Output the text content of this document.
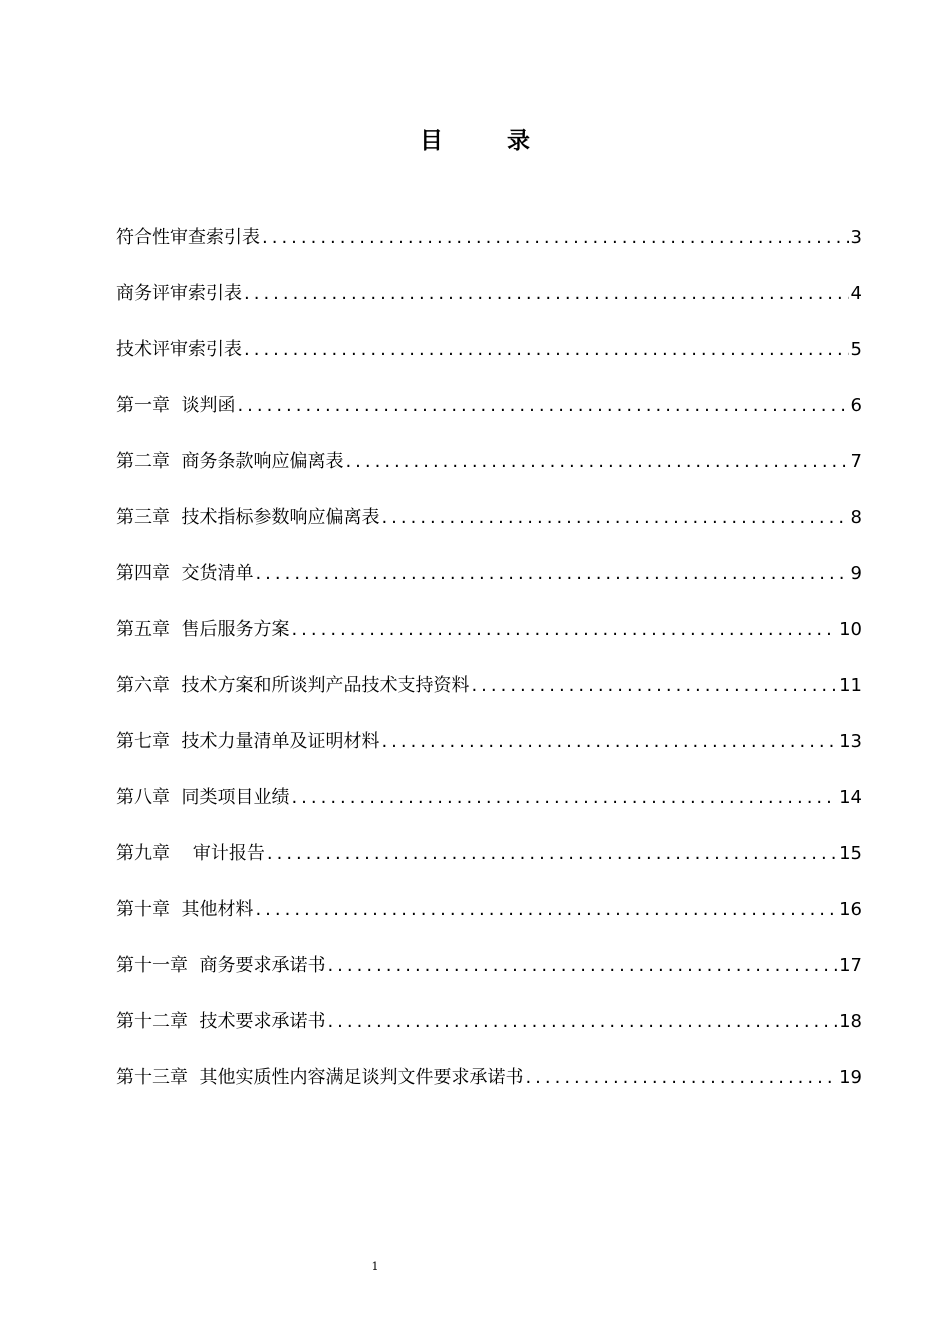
目 录
符合性审查索引表 .....	3
商务评审索引表 .....	4
技术评审索引表 .....	5
第一章  谈判函 .....	6
第二章  商务条款响应偏离表 .....	7
第三章  技术指标参数响应偏离表 .....	8
第四章  交货清单 .....	9
第五章  售后服务方案 .....	10
第六章  技术方案和所谈判产品技术支持资料 .....	11
第七章  技术力量清单及证明材料 .....	13
第八章  同类项目业绩 .....	14
第九章    审计报告 .....	15
第十章  其他材料 .....	16
第十一章  商务要求承诺书 .....	17
第十二章  技术要求承诺书 .....	18
第十三章  其他实质性内容满足谈判文件要求承诺书 .....	19
1
